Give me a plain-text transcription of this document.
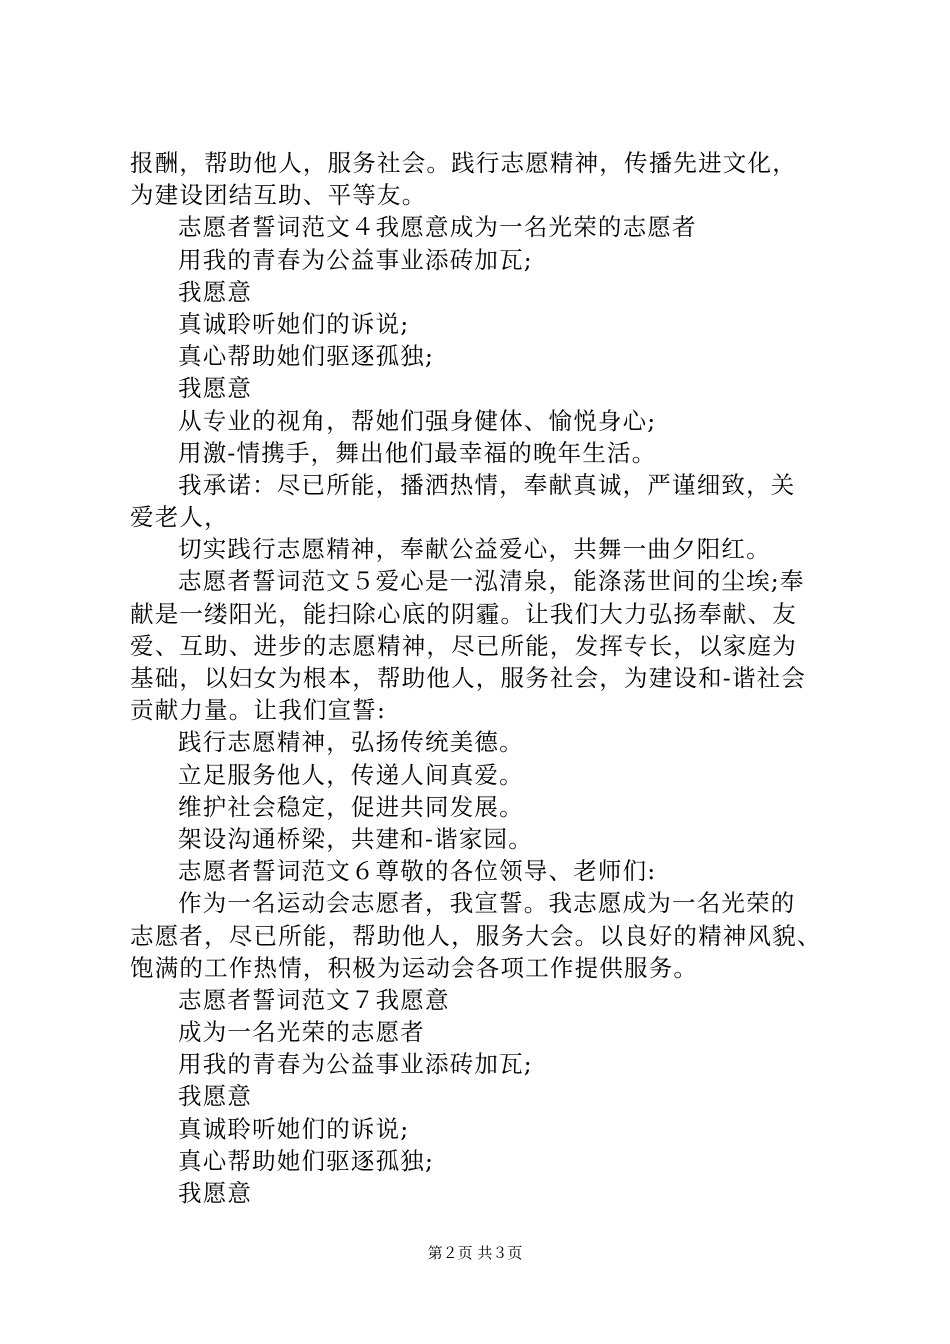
报酬，帮助他人，服务社会。践行志愿精神，传播先进文化，
为建设团结互助、平等友。
志愿者誓词范文４我愿意成为一名光荣的志愿者
用我的青春为公益事业添砖加瓦;
我愿意
真诚聆听她们的诉说;
真心帮助她们驱逐孤独;
我愿意
从专业的视角，帮她们强身健体、愉悦身心;
用激-情携手，舞出他们最幸福的晚年生活。
我承诺：尽已所能，播洒热情，奉献真诚，严谨细致，关
爱老人，
切实践行志愿精神，奉献公益爱心，共舞一曲夕阳红。
志愿者誓词范文５爱心是一泓清泉，能涤荡世间的尘埃;奉
献是一缕阳光，能扫除心底的阴霾。让我们大力弘扬奉献、友
爱、互助、进步的志愿精神，尽已所能，发挥专长，以家庭为
基础，以妇女为根本，帮助他人，服务社会，为建设和-谐社会
贡献力量。让我们宣誓:
践行志愿精神，弘扬传统美德。
立足服务他人，传递人间真爱。
维护社会稳定，促进共同发展。
架设沟通桥梁，共建和-谐家园。
志愿者誓词范文６尊敬的各位领导、老师们:
作为一名运动会志愿者，我宣誓。我志愿成为一名光荣的
志愿者，尽已所能，帮助他人，服务大会。以良好的精神风貌、
饱满的工作热情，积极为运动会各项工作提供服务。
志愿者誓词范文７我愿意
成为一名光荣的志愿者
用我的青春为公益事业添砖加瓦;
我愿意
真诚聆听她们的诉说;
真心帮助她们驱逐孤独;
我愿意
第２页 共３页
